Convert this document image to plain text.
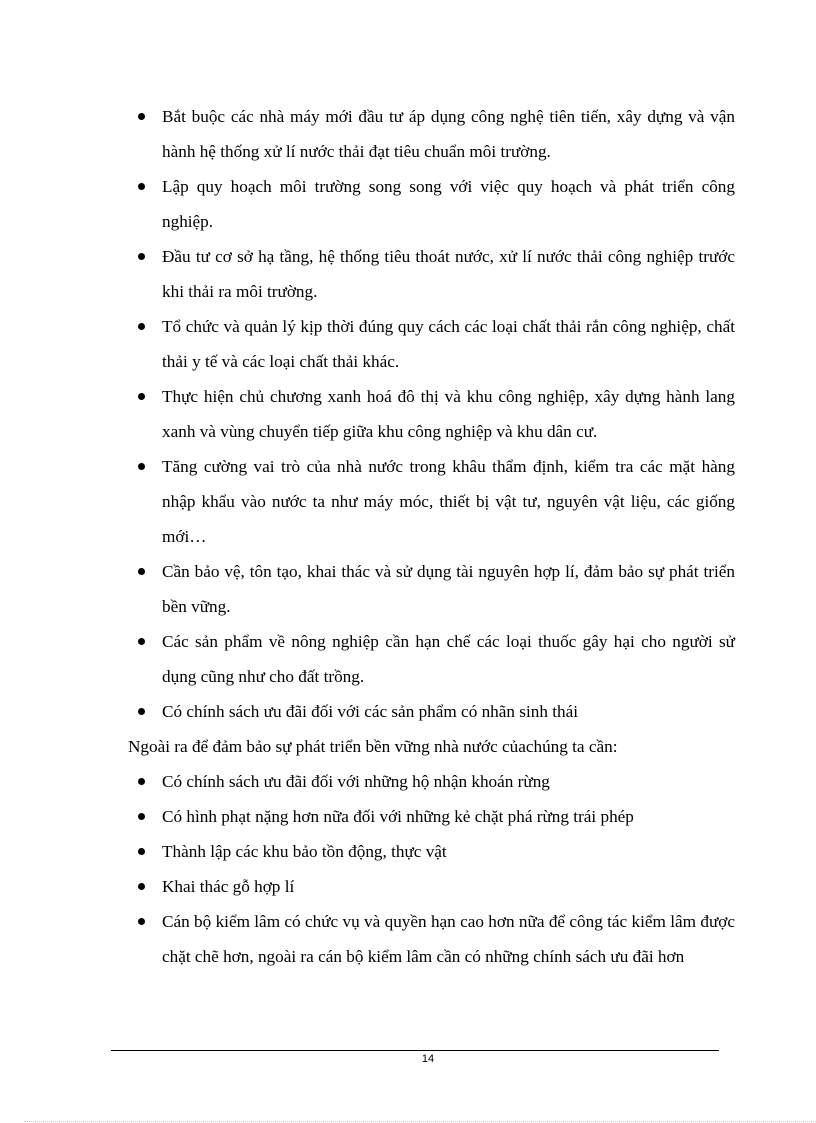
Bắt buộc các nhà máy mới đầu tư áp dụng công nghệ tiên tiến, xây dựng và vận hành hệ thống xử lí nước thải đạt tiêu chuẩn môi trường.
Lập quy hoạch môi trường song song với việc quy hoạch và phát triển công nghiệp.
Đầu tư cơ sở hạ tầng, hệ thống tiêu thoát nước, xử lí nước thải công nghiệp trước khi thải ra môi trường.
Tổ chức và quản lý kịp thời đúng quy cách các loại chất thải rắn công nghiệp, chất thải y tế và các loại chất thải khác.
Thực hiện chủ chương xanh hoá đô thị và khu công nghiệp, xây dựng hành lang xanh và vùng chuyển tiếp giữa khu công nghiệp và khu dân cư.
Tăng cường vai trò của nhà nước trong khâu thẩm định, kiểm tra các mặt hàng nhập khẩu vào nước ta như máy móc, thiết bị vật tư, nguyên vật liệu, các giống mới…
Cần bảo vệ, tôn tạo, khai thác và sử dụng tài nguyên hợp lí, đảm bảo sự phát triển bền vững.
Các sản phẩm về nông nghiệp cần hạn chế các loại thuốc gây hại cho người sử dụng cũng như cho đất trồng.
Có chính sách ưu đãi đối với các sản phẩm có nhãn sinh thái

Ngoài ra để đảm bảo sự phát triển bền vững nhà nước củachúng ta cần:

Có chính sách ưu đãi đối với những hộ nhận khoán rừng
Có hình phạt nặng hơn nữa đối với những kẻ chặt phá rừng trái phép
Thành lập các khu bảo tồn động, thực vật
Khai thác gỗ hợp lí
Cán bộ kiểm lâm có chức vụ và quyền hạn cao hơn nữa để công tác kiểm lâm được chặt chẽ hơn, ngoài ra cán bộ kiểm lâm cần có những chính sách ưu đãi hơn
14
